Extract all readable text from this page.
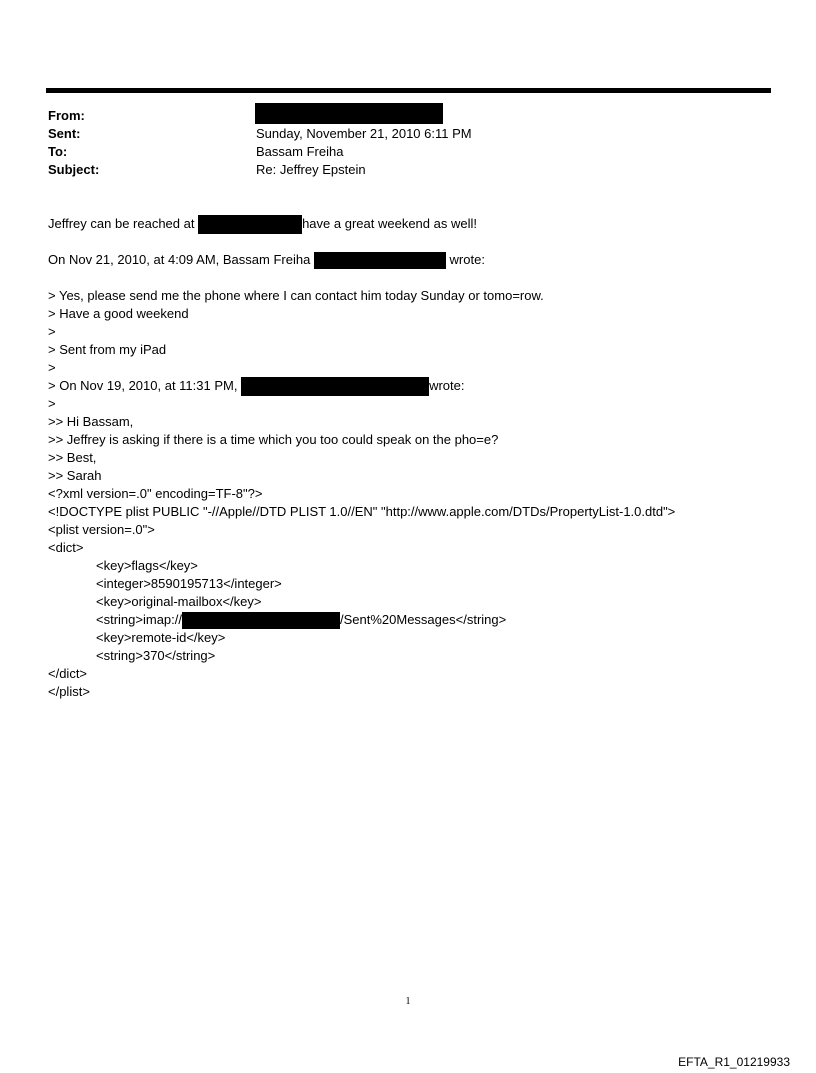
From:
Sent:	Sunday, November 21, 2010 6:11 PM
To:	Bassam Freiha
Subject:	Re: Jeffrey Epstein
Jeffrey can be reached at	have a great weekend as well!
On Nov 21, 2010, at 4:09 AM, Bassam Freiha	wrote:
> Yes, please send me the phone where I can contact him today Sunday or tomo=row.
> Have a good weekend
>
> Sent from my iPad
>
> On Nov 19, 2010, at 11:31 PM,	wrote:
>
>> Hi Bassam,
>> Jeffrey is asking if there is a time which you too could speak on the pho=e?
>> Best,
>> Sarah
<?xml version=.0" encoding=TF-8"?>
<!DOCTYPE plist PUBLIC "-//Apple//DTD PLIST 1.0//EN" "http://www.apple.com/DTDs/PropertyList-1.0.dtd">
<plist version=.0">
<dict>
<key>flags</key>
<integer>8590195713</integer>
<key>original-mailbox</key>
<string>imap://	/Sent%20Messages</string>
<key>remote-id</key>
<string>370</string>
</dict>
</plist>
1
EFTA_R1_01219933
